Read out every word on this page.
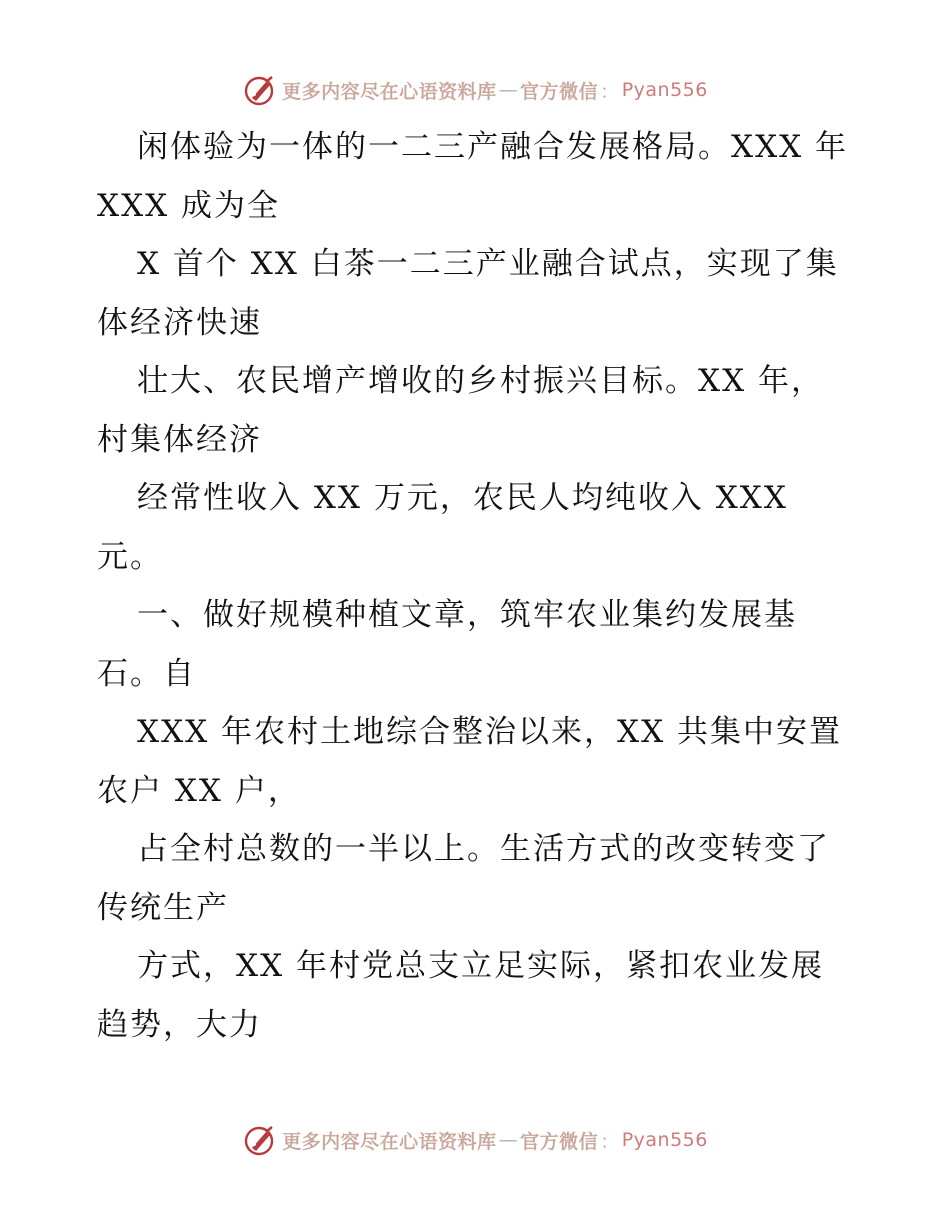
更多内容尽在心语资料库 — 官方微信 ： Pyan556
闲体验为一体的一二三产融合发展格局。XXX 年
XXX 成为全
X 首个 XX 白茶一二三产业融合试点，实现了集
体经济快速
壮大、农民增产增收的乡村振兴目标。XX 年，
村集体经济
经常性收入 XX 万元，农民人均纯收入 XXX
元。
一、做好规模种植文章，筑牢农业集约发展基
石。自
XXX 年农村土地综合整治以来，XX 共集中安置
农户 XX 户，
占全村总数的一半以上。生活方式的改变转变了
传统生产
方式，XX 年村党总支立足实际，紧扣农业发展
趋势，大力
更多内容尽在心语资料库 — 官方微信 ： Pyan556
